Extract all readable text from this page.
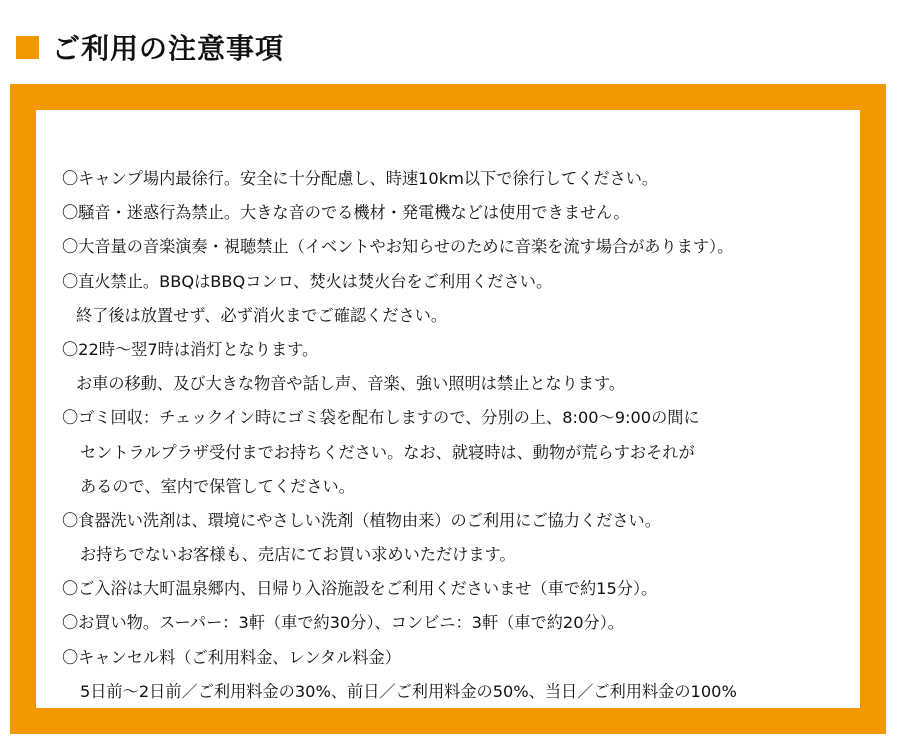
ご利用の注意事項
〇キャンプ場内最徐行。安全に十分配慮し、時速10km以下で徐行してください。
〇騒音・迷惑行為禁止。大きな音のでる機材・発電機などは使用できません。
〇大音量の音楽演奏・視聴禁止（イベントやお知らせのために音楽を流す場合があります）。
〇直火禁止。BBQはBBQコンロ、焚火は焚火台をご利用ください。
終了後は放置せず、必ず消火までご確認ください。
〇22時～翌7時は消灯となります。
お車の移動、及び大きな物音や話し声、音楽、強い照明は禁止となります。
〇ゴミ回収：チェックイン時にゴミ袋を配布しますので、分別の上、8:00～9:00の間に
セントラルプラザ受付までお持ちください。なお、就寝時は、動物が荒らすおそれが
あるので、室内で保管してください。
〇食器洗い洗剤は、環境にやさしい洗剤（植物由来）のご利用にご協力ください。
お持ちでないお客様も、売店にてお買い求めいただけます。
〇ご入浴は大町温泉郷内、日帰り入浴施設をご利用くださいませ（車で約15分）。
〇お買い物。スーパー：3軒（車で約30分）、コンビニ：3軒（車で約20分）。
〇キャンセル料（ご利用料金、レンタル料金）
5日前～2日前／ご利用料金の30%、前日／ご利用料金の50%、当日／ご利用料金の100%
